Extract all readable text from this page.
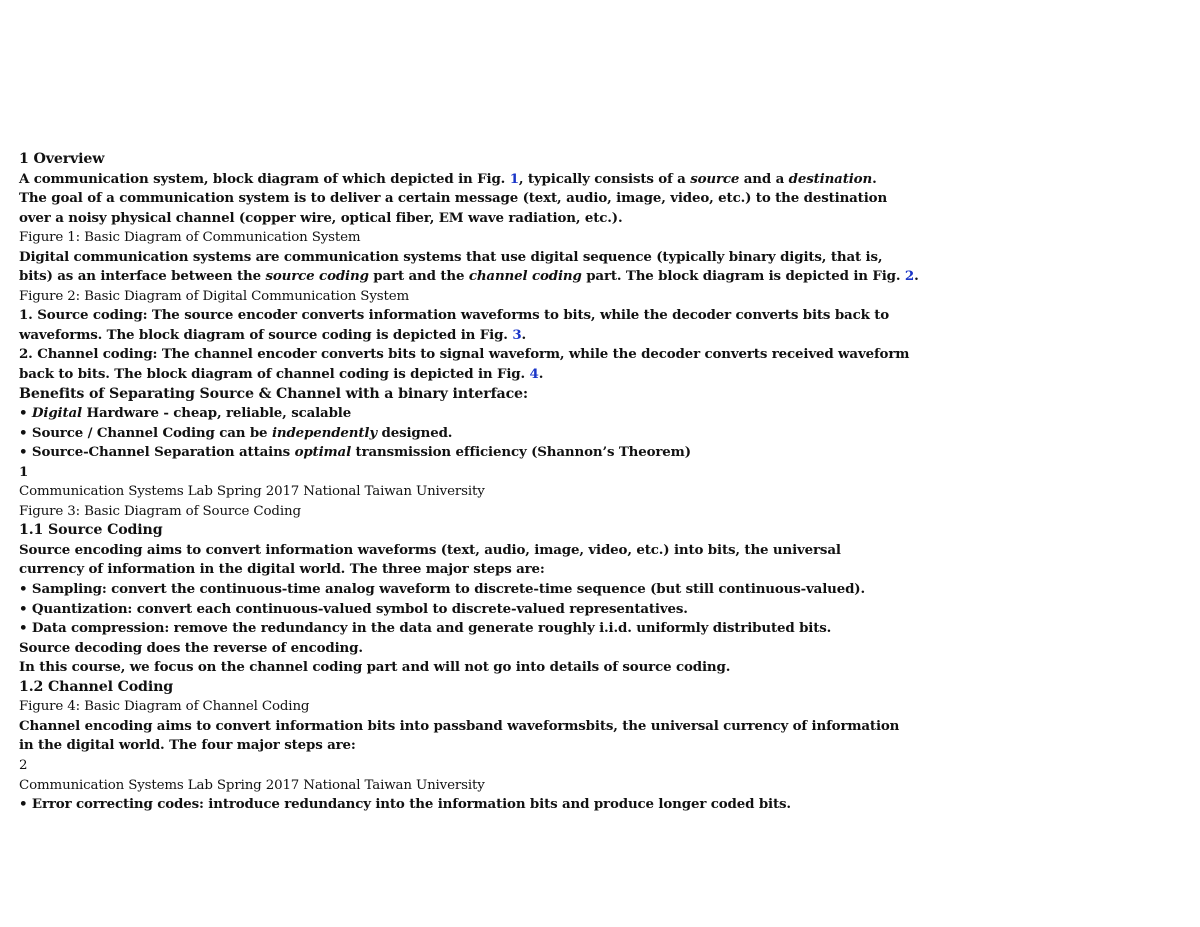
1 Overview
A communication system, block diagram of which depicted in Fig. 1, typically consists of a source and a destination.
The goal of a communication system is to deliver a certain message (text, audio, image, video, etc.) to the destination
over a noisy physical channel (copper wire, optical fiber, EM wave radiation, etc.).
Figure 1: Basic Diagram of Communication System
Digital communication systems are communication systems that use digital sequence (typically binary digits, that is,
bits) as an interface between the source coding part and the channel coding part. The block diagram is depicted in Fig. 2.
Figure 2: Basic Diagram of Digital Communication System
1. Source coding: The source encoder converts information waveforms to bits, while the decoder converts bits back to
waveforms. The block diagram of source coding is depicted in Fig. 3.
2. Channel coding: The channel encoder converts bits to signal waveform, while the decoder converts received waveform
back to bits. The block diagram of channel coding is depicted in Fig. 4.
Benefits of Separating Source & Channel with a binary interface:
• Digital Hardware - cheap, reliable, scalable
• Source / Channel Coding can be independently designed.
• Source-Channel Separation attains optimal transmission efficiency (Shannon’s Theorem)
1
Communication Systems Lab Spring 2017 National Taiwan University
Figure 3: Basic Diagram of Source Coding
1.1 Source Coding
Source encoding aims to convert information waveforms (text, audio, image, video, etc.) into bits, the universal
currency of information in the digital world. The three major steps are:
• Sampling: convert the continuous-time analog waveform to discrete-time sequence (but still continuous-valued).
• Quantization: convert each continuous-valued symbol to discrete-valued representatives.
• Data compression: remove the redundancy in the data and generate roughly i.i.d. uniformly distributed bits.
Source decoding does the reverse of encoding.
In this course, we focus on the channel coding part and will not go into details of source coding.
1.2 Channel Coding
Figure 4: Basic Diagram of Channel Coding
Channel encoding aims to convert information bits into passband waveformsbits, the universal currency of information
in the digital world. The four major steps are:
2
Communication Systems Lab Spring 2017 National Taiwan University
• Error correcting codes: introduce redundancy into the information bits and produce longer coded bits.
